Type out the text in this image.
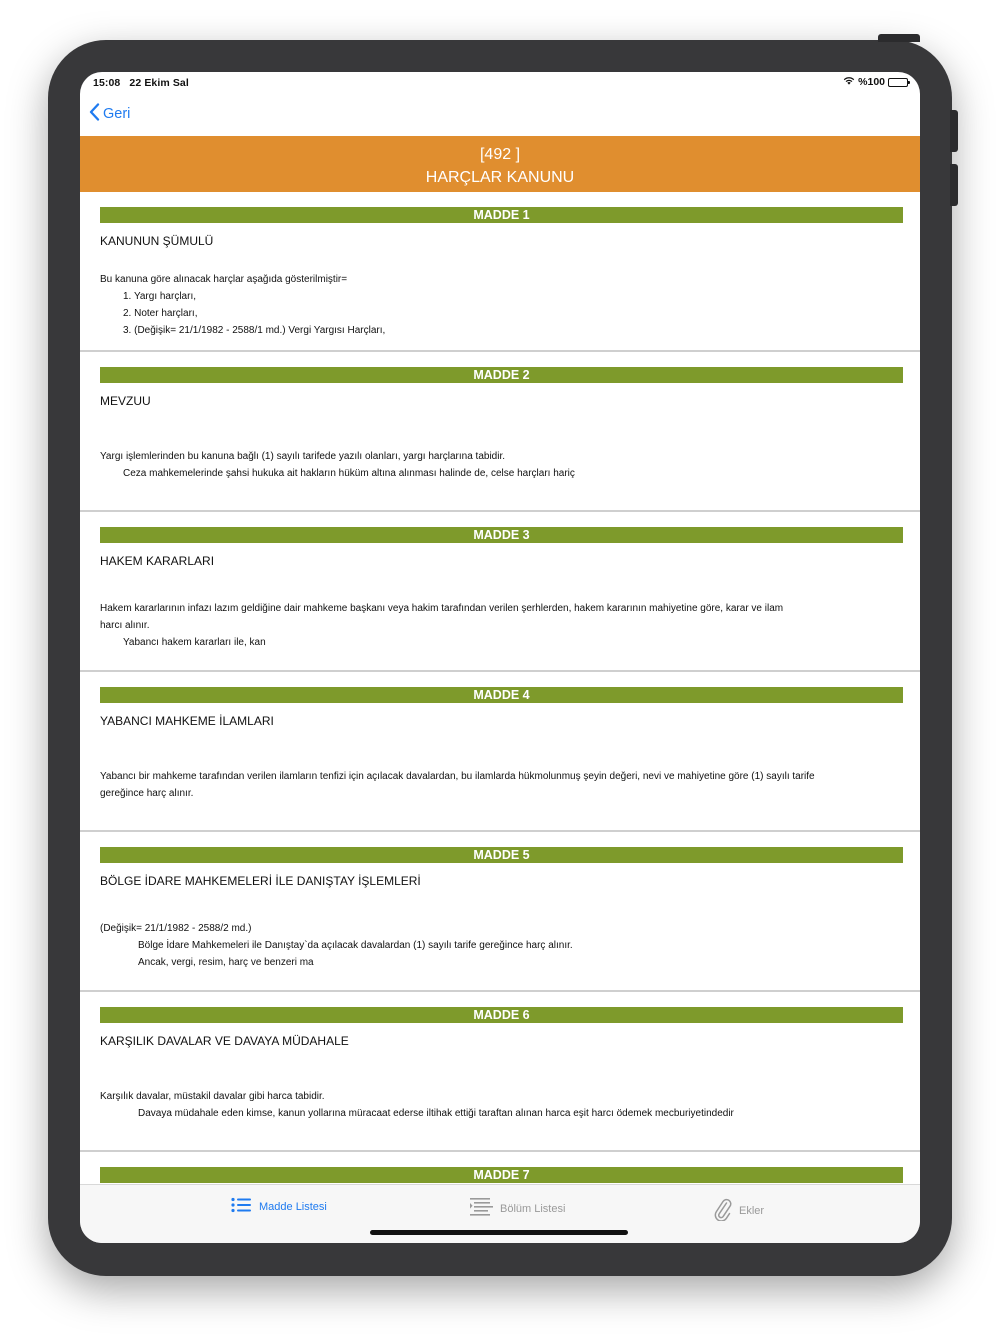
15:08 22 Ekim Sal	%100
Geri
[492 ]
HARÇLAR KANUNU
MADDE 1
KANUNUN ŞÜMULÜ

Bu kanuna göre alınacak harçlar aşağıda gösterilmiştir=

1. Yargı harçları,

2. Noter harçları,

3. (Değişik= 21/1/1982 - 2588/1 md.) Vergi Yargısı Harçları,

MADDE 2
MEVZUU

Yargı işlemlerinden bu kanuna bağlı (1) sayılı tarifede yazılı olanları, yargı harçlarına tabidir.

Ceza mahkemelerinde şahsi hukuka ait hakların hüküm altına alınması halinde de, celse harçları hariç

MADDE 3
HAKEM KARARLARI

Hakem kararlarının infazı lazım geldiğine dair mahkeme başkanı veya hakim tarafından verilen şerhlerden, hakem kararının mahiyetine göre, karar ve ilam

harcı alınır.

Yabancı hakem kararları ile, kan

MADDE 4
YABANCI MAHKEME İLAMLARI

Yabancı bir mahkeme tarafından verilen ilamların tenfizi için açılacak davalardan, bu ilamlarda hükmolunmuş şeyin değeri, nevi ve mahiyetine göre (1) sayılı tarife

gereğince harç alınır.

MADDE 5
BÖLGE İDARE MAHKEMELERİ İLE DANIŞTAY İŞLEMLERİ

(Değişik= 21/1/1982 - 2588/2 md.)

Bölge İdare Mahkemeleri ile Danıştay`da açılacak davalardan (1) sayılı tarife gereğince harç alınır.

Ancak, vergi, resim, harç ve benzeri ma

MADDE 6
KARŞILIK DAVALAR VE DAVAYA MÜDAHALE

Karşılık davalar, müstakil davalar gibi harca tabidir.

Davaya müdahale eden kimse, kanun yollarına müracaat ederse iltihak ettiği taraftan alınan harca eşit harcı ödemek mecburiyetindedir

MADDE 7
Madde Listesi	Bölüm Listesi	Ekler
